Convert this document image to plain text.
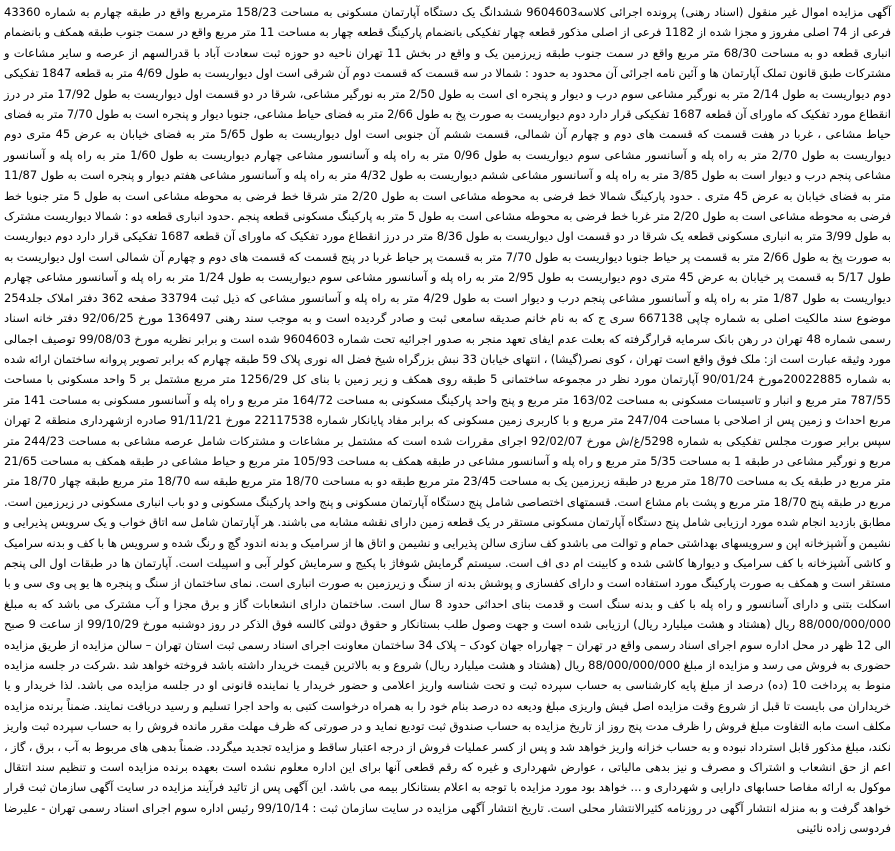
آگهی مزایده اموال غیر منقول (اسناد رهنی) پرونده اجرائی کلاسه9604603 ششدانگ یک دستگاه آپارتمان مسکونی به مساحت 158/23 مترمربع واقع در طبقه چهارم به شماره 43360 فرعی از 74 اصلی مفروز و مجزا شده از 1182 فرعی از اصلی مذکور قطعه چهار تفکیکی بانضمام پارکینگ قطعه چهار به مساحت 11 متر مربع واقع در سمت جنوب طبقه همکف و بانضمام انباری قطعه دو به مساحت 68/30 متر مربع واقع در سمت جنوب طبقه زیرزمین یک و واقع در بخش 11 تهران ناحیه دو حوزه ثبت سعادت آباد با قدرالسهم از عرصه و سایر مشاعات و مشترکات طبق قانون تملک آپارتمان ها و آئین نامه اجرائی آن محدود به حدود : شمالا در سه قسمت که قسمت دوم آن شرقی است اول دیواریست به طول 4/69 متر به قطعه 1847 تفکیکی دوم دیواریست به طول 2/14 متر به نورگیر مشاعی سوم درب و دیوار و پنجره ای است به طول 2/50 متر به نورگیر مشاعی، شرقا در دو قسمت اول دیواریست به طول 17/92 متر در درز انقطاع مورد تفکیک که ماورای آن قطعه 1687 تفکیکی قرار دارد دوم دیواریست به صورت پخ به طول 2/66 متر به فضای حیاط مشاعی، جنوبا دیوار و پنجره است به طول 7/70 متر به فضای حیاط مشاعی ، غربا در هفت قسمت که قسمت های دوم و چهارم آن شمالی، قسمت ششم آن جنوبی است اول دیواریست به طول 5/65 متر به فضای خیابان به عرض 45 متری دوم دیواریست به طول 2/70 متر به راه پله و آسانسور مشاعی سوم دیواریست به طول 0/96 متر به راه پله و آسانسور مشاعی چهارم دیواریست به طول 1/60 متر به راه پله و آسانسور مشاعی پنجم درب و دیوار است به طول 3/85 متر به راه پله و آسانسور مشاعی ششم دیواریست به طول 4/32 متر به راه پله و آسانسور مشاعی هفتم دیوار و پنجره است به طول 11/87 متر به فضای خیابان به عرض 45 متری . حدود پارکینگ شمالا خط فرضی به محوطه مشاعی است به طول 2/20 متر شرقا خط فرضی به محوطه مشاعی است به طول 5 متر جنوبا خط فرضی به محوطه مشاعی است به طول 2/20 متر غربا خط فرضی به محوطه مشاعی است به طول 5 متر به پارکینگ مسکونی قطعه پنجم .حدود انباری قطعه دو : شمالا دیواریست مشترک به طول 3/99 متر به انباری مسکونی قطعه یک شرقا در دو قسمت اول دیواریست به طول 8/36 متر در درز انقطاع مورد تفکیک که ماورای آن قطعه 1687 تفکیکی قرار دارد دوم دیواریست به صورت پخ به طول 2/66 متر به قسمت پر حیاط جنوبا دیواریست به طول 7/70 متر به قسمت پر حیاط غربا در پنج قسمت که قسمت های دوم و چهارم آن شمالی است اول دیواریست به طول 5/17 به قسمت پر خیابان به عرض 45 متری دوم دیواریست به طول 2/95 متر به راه پله و آسانسور مشاعی سوم دیواریست به طول 1/24 متر به راه پله و آسانسور مشاعی چهارم دیواریست به طول 1/87 متر به راه پله و آسانسور مشاعی پنجم درب و دیوار است به طول 4/29 متر به راه پله و آسانسور مشاعی که ذیل ثبت 33794 صفحه 362 دفتر املاک جلد254 موضوع سند مالکیت اصلی به شماره چاپی 667138 سری ج که به نام خانم صدیقه سامعی ثبت و صادر گردیده است و به موجب سند رهنی 136497 مورخ 92/06/25 دفتر خانه اسناد رسمی شماره 48 تهران در رهن بانک سرمایه قرارگرفته که بعلت عدم ایفای تعهد منجر به صدور اجرائیه تحت شماره 9604603 شده است و برابر نظریه مورخ 99/08/03 توصیف اجمالی مورد وثیقه عبارت است از: ملک فوق واقع است تهران ، کوی نصر(گیشا) ، انتهای خیابان 33 نبش بزرگراه شیخ فضل اله نوری پلاک 59 طبقه چهارم که برابر تصویر پروانه ساختمان ارائه شده به شماره 20022885مورخ 90/01/24 آپارتمان مورد نظر در مجموعه ساختمانی 5 طبقه روی همکف و زیر زمین با بنای کل 1256/29 متر مربع مشتمل بر 5 واحد مسکونی با مساحت 787/55 متر مربع و انبار و تاسیسات مسکونی به مساحت 163/02 متر مربع و پنج واحد پارکینگ مسکونی به مساحت 164/72 متر مربع و راه پله و آسانسور مسکونی به مساحت 141 متر مربع احداث و زمین پس از اصلاحی با مساحت 247/04 متر مربع و با کاربری زمین مسکونی که برابر مفاد پایانکار شماره 22117538 مورخ 91/11/21 صادره ازشهرداری منطقه 2 تهران سپس برابر صورت مجلس تفکیکی به شماره 5298/غ/ش مورخ 92/02/07 اجرای مقررات شده است که مشتمل بر مشاعات و مشترکات شامل عرصه مشاعی به مساحت 244/23 متر مربع و نورگیر مشاعی در طبقه 1 به مساحت 5/35 متر مربع و راه پله و آسانسور مشاعی در طبقه همکف به مساحت 105/93 متر مربع و حیاط مشاعی در طبقه همکف به مساحت 21/65 متر مربع در طبقه یک به مساحت 18/70 متر مربع در طبقه زیرزمین یک به مساحت 23/45 متر مربع طبقه دو به مساحت 18/70 متر مربع طبقه سه 18/70 متر مربع طبقه چهار 18/70 متر مربع در طبقه پنج 18/70 متر مربع و پشت بام مشاع است. قسمتهای اختصاصی شامل پنج دستگاه آپارتمان مسکونی و پنج واحد پارکینگ مسکونی و دو باب انباری مسکونی در زیرزمین است. مطابق بازدید انجام شده مورد ارزیابی شامل پنج دستگاه آپارتمان مسکونی مستقر در یک قطعه زمین دارای نقشه مشابه می باشند. هر آپارتمان شامل سه اتاق خواب و یک سرویس پذیرایی و نشیمن و آشپزخانه اپن و سرویسهای بهداشتی حمام و توالت می باشدو کف سازی سالن پذیرایی و نشیمن و اتاق ها از سرامیک و بدنه اندود گچ و رنگ شده و سرویس ها با کف و بدنه سرامیک و کاشی آشپزخانه با کف سرامیک و دیوارها کاشی شده و کابینت ام دی اف است. سیستم گرمایش شوفاژ با پکیج و سرمایش کولر آبی و اسپیلت است. آپارتمان ها در طبقات اول الی پنجم مستقر است و همکف به صورت پارکینگ مورد استفاده است و دارای کفسازی و پوشش بدنه از سنگ و زیرزمین به صورت انباری است. نمای ساختمان از سنگ و پنجره ها یو پی وی سی و با اسکلت بتنی و دارای آسانسور و راه پله با کف و بدنه سنگ است و قدمت بنای احداثی حدود 8 سال است. ساختمان دارای انشعابات گاز و برق مجزا و آب مشترک می باشد که به مبلغ 88/000/000/000 ریال (هشتاد و هشت میلیارد ریال) ارزیابی شده است و جهت وصول طلب بستانکار و حقوق دولتی کالسه فوق الذکر در روز دوشنبه مورخ 99/10/29 از ساعت 9 صبح الی 12 ظهر در محل اداره سوم اجرای اسناد رسمی واقع در تهران – چهارراه جهان کودک – پلاک 34 ساختمان معاونت اجرای اسناد رسمی ثبت استان تهران – سالن مزایده از طریق مزایده حضوری به فروش می رسد و مزایده از مبلغ 88/000/000/000 ریال (هشتاد و هشت میلیارد ریال) شروع و به بالاترین قیمت خریدار داشته باشد فروخته خواهد شد .شرکت در جلسه مزایده منوط به پرداخت 10 (ده) درصد از مبلغ پایه کارشناسی به حساب سپرده ثبت و تحت شناسه واریز اعلامی و حضور خریدار یا نماینده قانونی او در جلسه مزایده می باشد. لذا خریدار و یا خریداران می بایست تا قبل از شروع وقت مزایده اصل فیش واریزی مبلغ ودیعه ده درصد بنام خود را به همراه درخواست کتبی به واحد اجرا تسلیم و رسید دریافت نمایند. ضمناً برنده مزایده مکلف است مابه التفاوت مبلغ فروش را ظرف مدت پنج روز از تاریخ مزایده به حساب صندوق ثبت تودیع نماید و در صورتی که ظرف مهلت مقرر مانده فروش را به حساب سپرده ثبت واریز نکند، مبلغ مذکور قابل استرداد نبوده و به حساب خزانه واریز خواهد شد و پس از کسر عملیات فروش از درجه اعتبار ساقط و مزایده تجدید میگردد. ضمناً بدهی های مربوط به آب ، برق ، گاز ، اعم از حق انشعاب و اشتراک و مصرف و نیز بدهی مالیاتی ، عوارض شهرداری و غیره که رقم قطعی آنها برای این اداره معلوم نشده است بعهده برنده مزایده است و تنظیم سند انتقال موکول به ارائه مفاصا حسابهای دارایی و شهرداری و ... خواهد بود مورد مزایده با توجه به اعلام بستانکار بیمه می باشد. این آگهی پس از تائید فرآیند مزایده در سایت آگهی سازمان ثبت قرار خواهد گرفت و به منزله انتشار آگهی در روزنامه کثیرالانتشار محلی است. تاریخ انتشار آگهی مزایده در سایت سازمان ثبت : 99/10/14 رئیس اداره سوم اجرای اسناد رسمی تهران - علیرضا فردوسی زاده نائینی
